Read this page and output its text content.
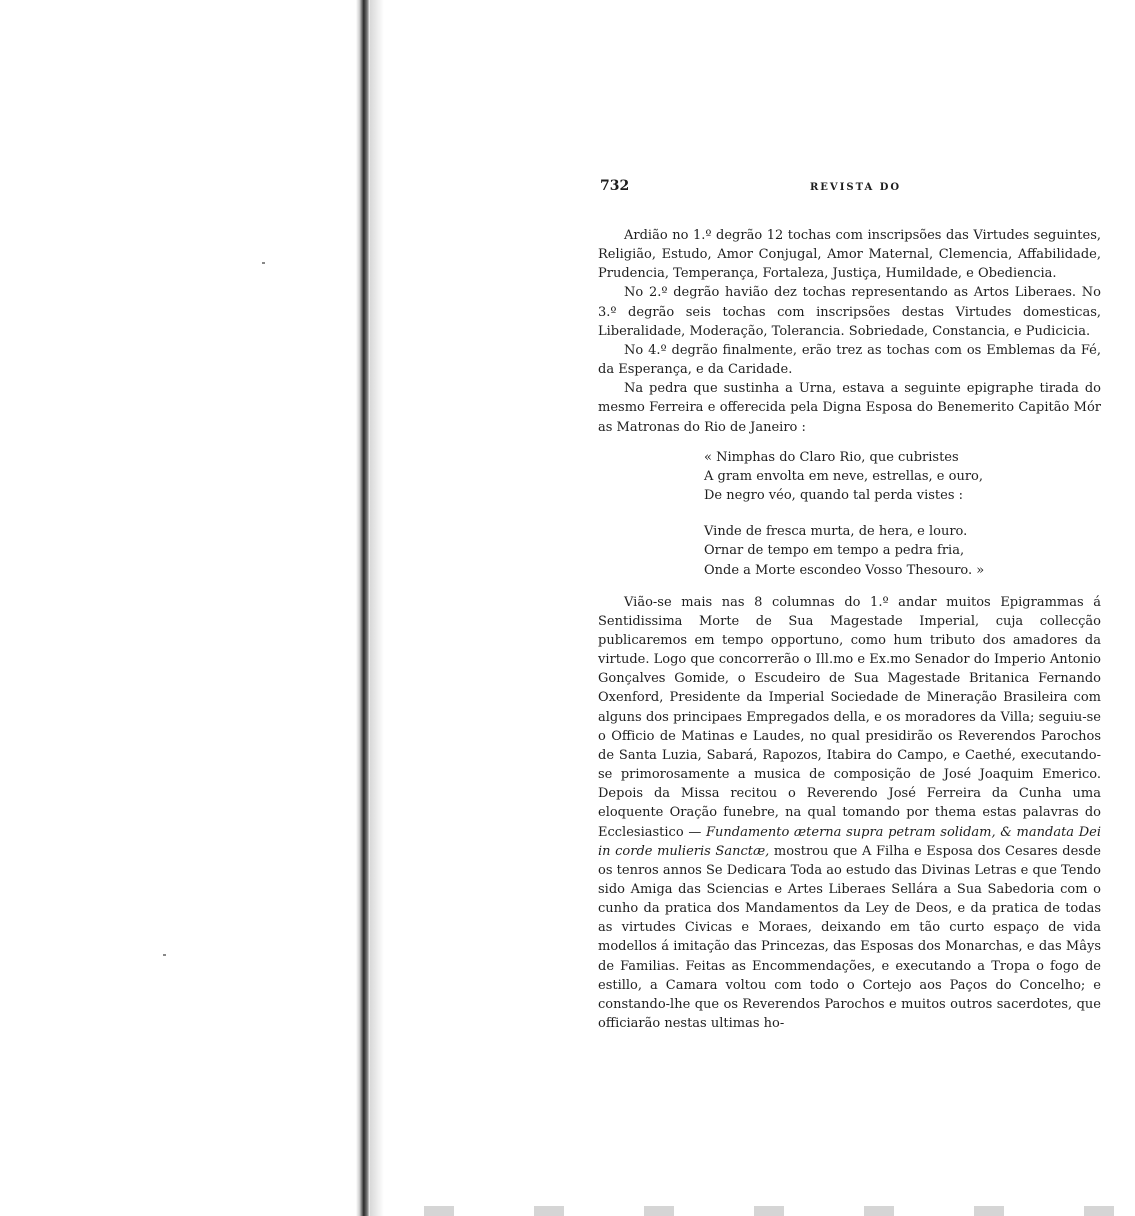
732	REVISTA DO

Ardião no 1.º degrão 12 tochas com inscripsões das Virtudes seguintes, Religião, Estudo, Amor Conjugal, Amor Maternal, Clemencia, Affabilidade, Prudencia, Temperança, Fortaleza, Justiça, Humildade, e Obediencia.

No 2.º degrão havião dez tochas representando as Artos Liberaes. No 3.º degrão seis tochas com inscripsões destas Virtudes domesticas, Liberalidade, Moderação, Tolerancia. Sobriedade, Constancia, e Pudicicia.

No 4.º degrão finalmente, erão trez as tochas com os Emblemas da Fé, da Esperança, e da Caridade.

Na pedra que sustinha a Urna, estava a seguinte epigraphe tirada do mesmo Ferreira e offerecida pela Digna Esposa do Benemerito Capitão Mór as Matronas do Rio de Janeiro :

« Nimphas do Claro Rio, que cubristes
A gram envolta em neve, estrellas, e ouro,
De negro véo, quando tal perda vistes :
Vinde de fresca murta, de hera, e louro.
Ornar de tempo em tempo a pedra fria,
Onde a Morte escondeo Vosso Thesouro. »

Vião-se mais nas 8 columnas do 1.º andar muitos Epigrammas á Sentidissima Morte de Sua Magestade Imperial, cuja collecção publicaremos em tempo opportuno, como hum tributo dos amadores da virtude. Logo que concorrerão o Ill.mo e Ex.mo Senador do Imperio Antonio Gonçalves Gomide, o Escudeiro de Sua Magestade Britanica Fernando Oxenford, Presidente da Imperial Sociedade de Mineração Brasileira com alguns dos principaes Empregados della, e os moradores da Villa; seguiu-se o Officio de Matinas e Laudes, no qual presidirão os Reverendos Parochos de Santa Luzia, Sabará, Rapozos, Itabira do Campo, e Caethé, executando-se primorosamente a musica de composição de José Joaquim Emerico. Depois da Missa recitou o Reverendo José Ferreira da Cunha uma eloquente Oração funebre, na qual tomando por thema estas palavras do Ecclesiastico — Fundamento æterna supra petram solidam, & mandata Dei in corde mulieris Sanctæ, mostrou que A Filha e Esposa dos Cesares desde os tenros annos Se Dedicara Toda ao estudo das Divinas Letras e que Tendo sido Amiga das Sciencias e Artes Liberaes Sellára a Sua Sabedoria com o cunho da pratica dos Mandamentos da Ley de Deos, e da pratica de todas as virtudes Civicas e Moraes, deixando em tão curto espaço de vida modellos á imitação das Princezas, das Esposas dos Monarchas, e das Mâys de Familias. Feitas as Encommendações, e executando a Tropa o fogo de estillo, a Camara voltou com todo o Cortejo aos Paços do Concelho; e constando-lhe que os Reverendos Parochos e muitos outros sacerdotes, que officiarão nestas ultimas ho-
